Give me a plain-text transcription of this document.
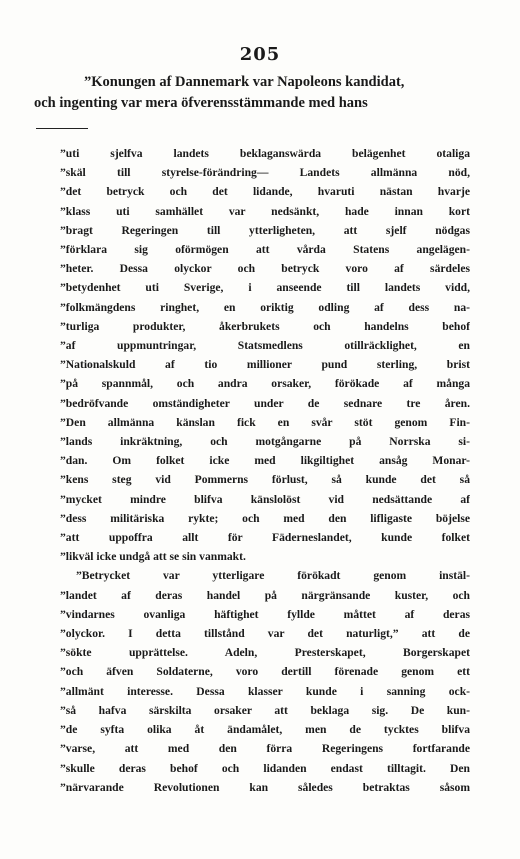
205
”Konungen af Dannemark var Napoleons kandidat,
och ingenting var mera öfverensstämmande med hans
”uti sjelfva landets beklaganswärda belägenhet otaliga
”skäl till styrelse-förändring— Landets allmänna nöd,
”det betryck och det lidande, hvaruti nästan hvarje
”klass uti samhället var nedsänkt, hade innan kort
”bragt Regeringen till ytterligheten, att sjelf nödgas
”förklara sig oförmögen att vårda Statens angelägen-
”heter. Dessa olyckor och betryck voro af särdeles
”betydenhet uti Sverige, i anseende till landets vidd,
”folkmängdens ringhet, en oriktig odling af dess na-
”turliga produkter, åkerbrukets och handelns behof
”af uppmuntringar, Statsmedlens otillräcklighet, en
”Nationalskuld af tio millioner pund sterling, brist
”på spannmål, och andra orsaker, förökade af många
”bedröfvande omständigheter under de sednare tre åren.
”Den allmänna känslan fick en svår stöt genom Fin-
”lands inkräktning, och motgångarne på Norrska si-
”dan. Om folket icke med likgiltighet ansåg Monar-
”kens steg vid Pommerns förlust, så kunde det så
”mycket mindre blifva känslolöst vid nedsättande af
”dess militäriska rykte; och med den lifligaste böjelse
”att uppoffra allt för Fäderneslandet, kunde folket
”likväl icke undgå att se sin vanmakt.
”Betrycket var ytterligare förökadt genom instäl-
”landet af deras handel på närgränsande kuster, och
”vindarnes ovanliga häftighet fyllde måttet af deras
”olyckor. I detta tillstånd var det naturligt,” att de
”sökte upprättelse. Adeln, Presterskapet, Borgerskapet
”och äfven Soldaterne, voro dertill förenade genom ett
”allmänt interesse. Dessa klasser kunde i sanning ock-
”så hafva särskilta orsaker att beklaga sig. De kun-
”de syfta olika åt ändamålet, men de tycktes blifva
”varse, att med den förra Regeringens fortfarande
”skulle deras behof och lidanden endast tilltagit. Den
”närvarande Revolutionen kan således betraktas såsom
